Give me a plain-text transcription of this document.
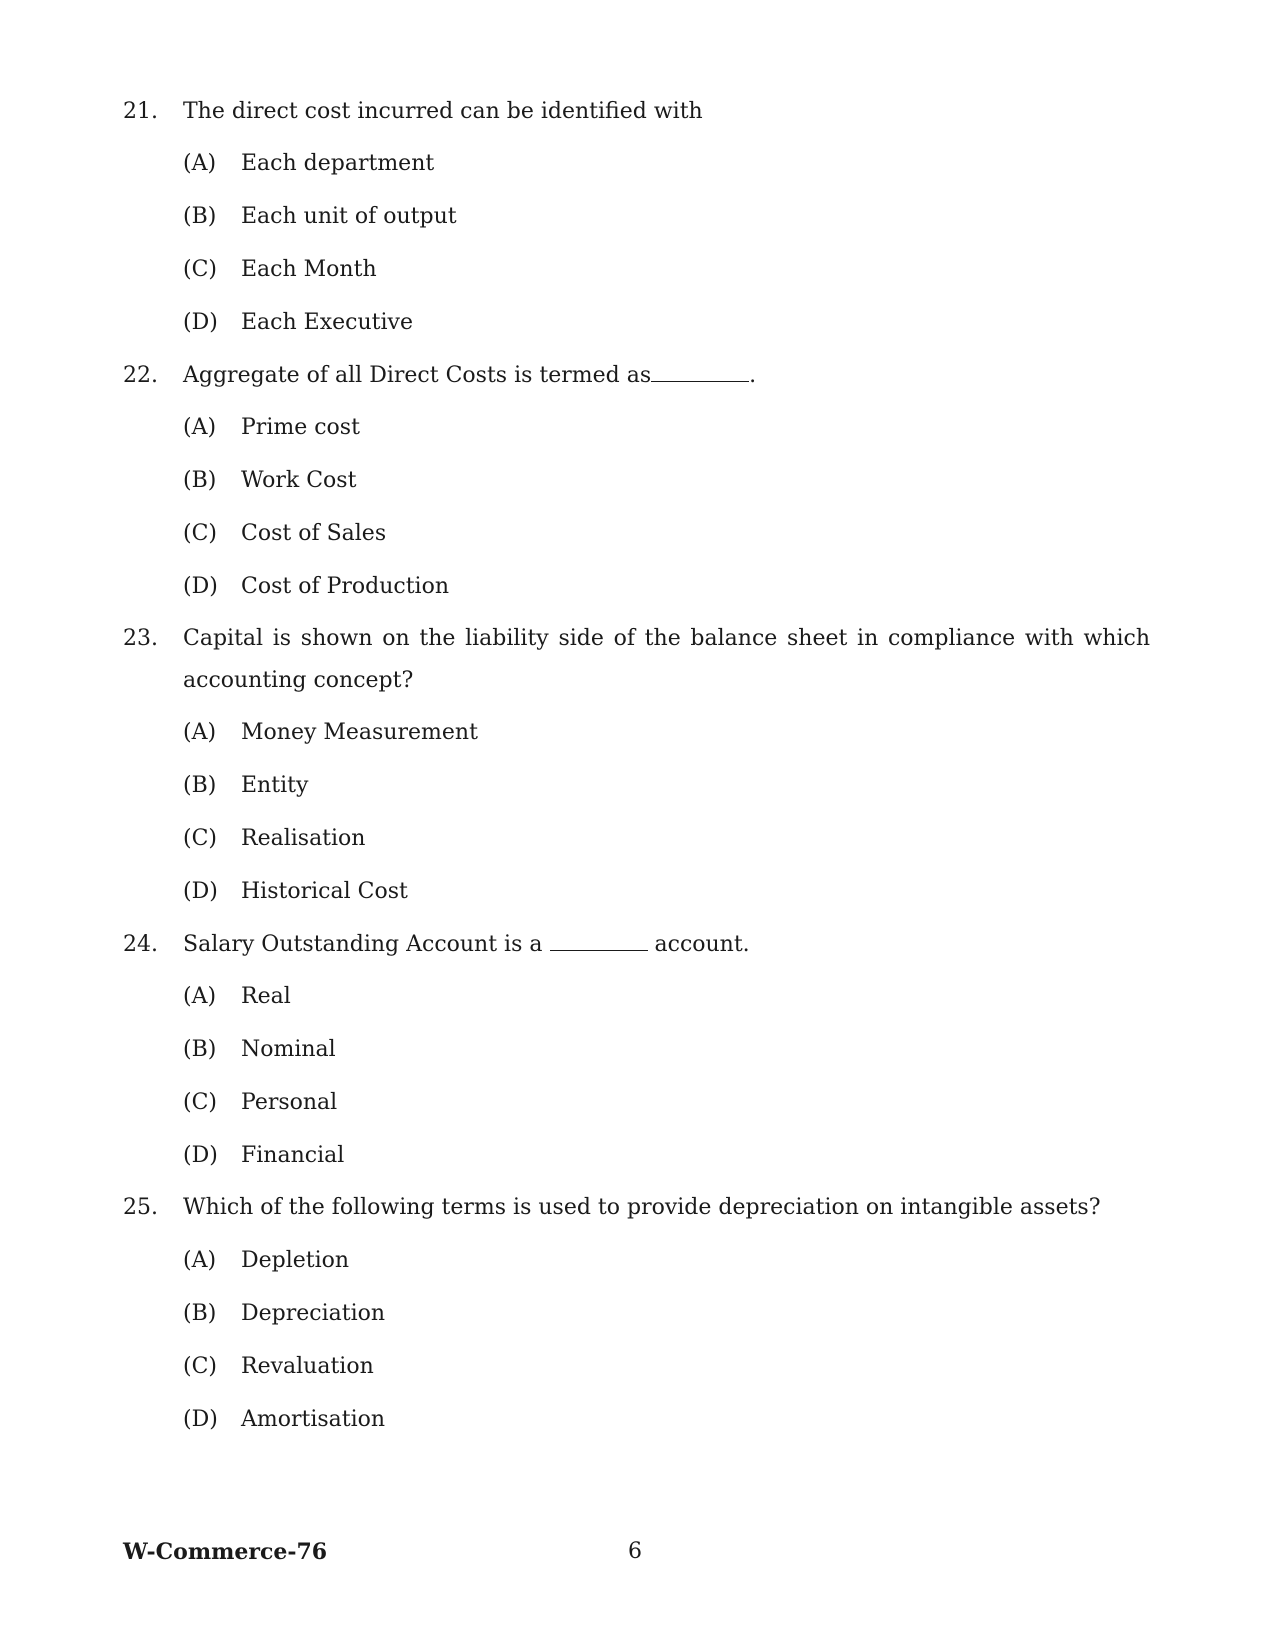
21. The direct cost incurred can be identified with
(A) Each department
(B) Each unit of output
(C) Each Month
(D) Each Executive
22. Aggregate of all Direct Costs is termed as	.
(A) Prime cost
(B) Work Cost
(C) Cost of Sales
(D) Cost of Production
23.	Capital is shown on the liability side of the balance sheet in compliance with which
accounting concept?
(A) Money Measurement
(B) Entity
(C) Realisation
(D) Historical Cost
24. Salary Outstanding Account is a	account.
(A) Real
(B) Nominal
(C) Personal
(D) Financial
25. Which of the following terms is used to provide depreciation on intangible assets?
(A) Depletion
(B) Depreciation
(C) Revaluation
(D) Amortisation
W-Commerce-76	6
